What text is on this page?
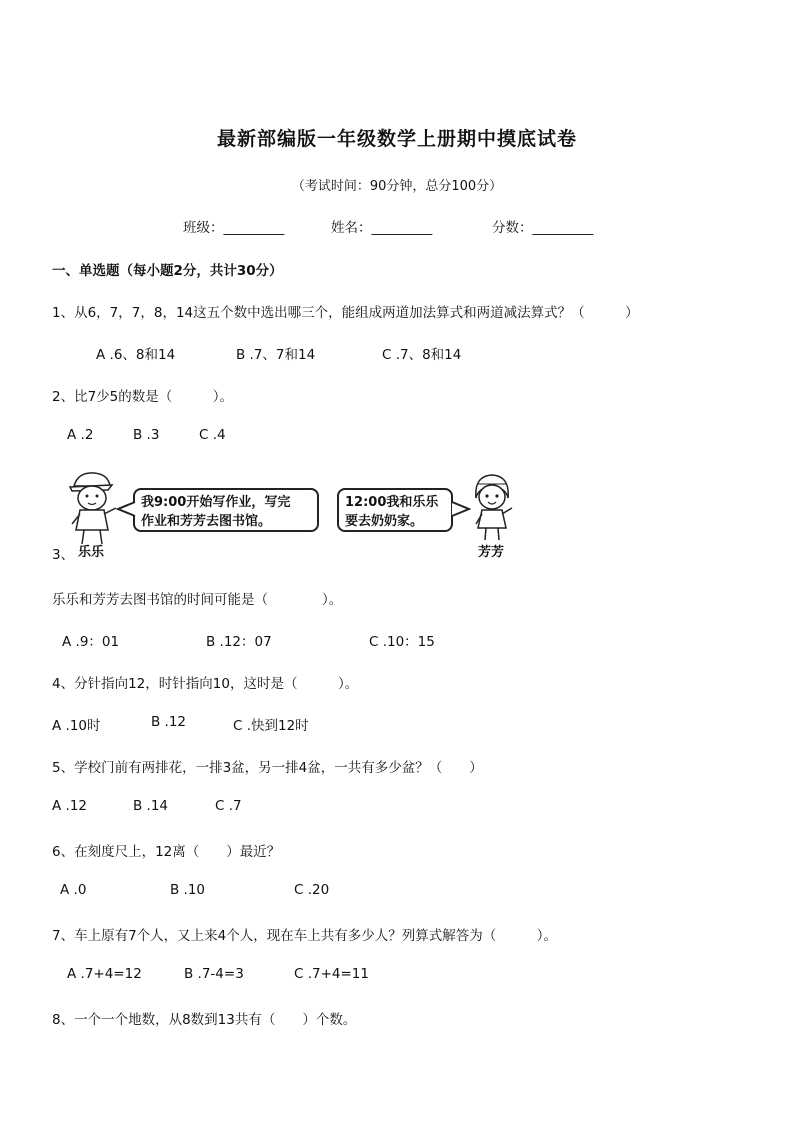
最新部编版一年级数学上册期中摸底试卷
（考试时间：90分钟，总分100分）
班级：_________	姓名：_________	分数：_________
一、单选题（每小题2分，共计30分）
1、从6，7，7，8，14这五个数中选出哪三个，能组成两道加法算式和两道减法算式？（　　　）
A .6、8和14	B .7、7和14	C .7、8和14
2、比7少5的数是（　　　）。
A .2	B .3	C .4
我9:00开始写作业，写完
作业和芳芳去图书馆。
12:00我和乐乐
要去奶奶家。
3、 乐乐	芳芳
乐乐和芳芳去图书馆的时间可能是（　　　　）。
A .9：01	B .12：07	C .10：15
4、分针指向12，时针指向10，这时是（　　　）。
A .10时	B .12	C .快到12时
5、学校门前有两排花，一排3盆，另一排4盆，一共有多少盆？（　　）
A .12	B .14	C .7
6、在刻度尺上，12离（　　）最近？
A .0	B .10	C .20
7、车上原有7个人，又上来4个人，现在车上共有多少人？列算式解答为（　　　）。
A .7+4=12	B .7-4=3	C .7+4=11
8、一个一个地数，从8数到13共有（　　）个数。
